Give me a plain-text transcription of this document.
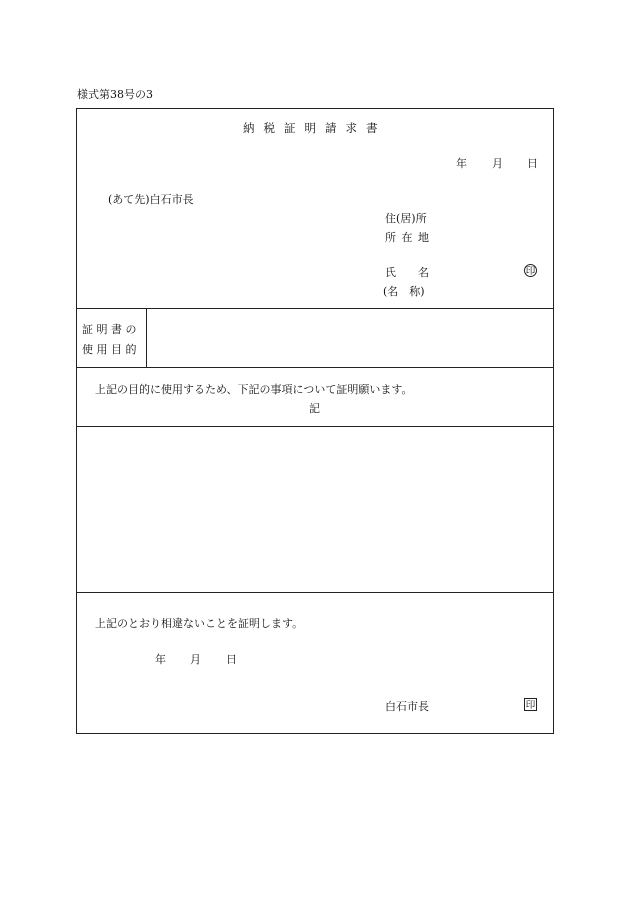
様式第38号の3
納税証明請求書
年 月 日
(あて先)白石市長
住(居)所
所 在 地
氏　　名
(名　称)
印
証 明 書 の
使 用 目 的
上記の目的に使用するため、下記の事項について証明願います。
記
上記のとおり相違ないことを証明します。
年 月 日
白石市長	印
